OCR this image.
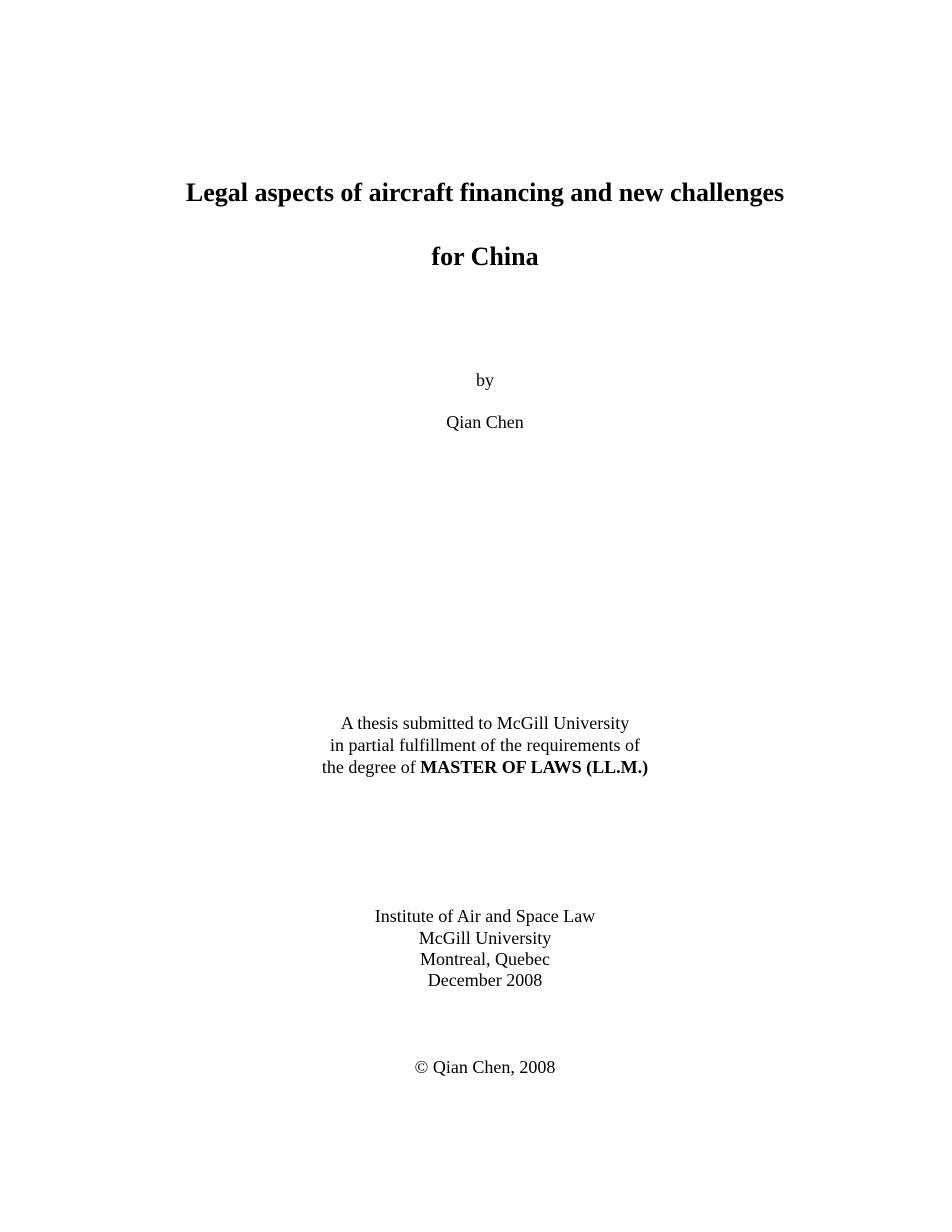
Legal aspects of aircraft financing and new challenges
for China
by
Qian Chen
A thesis submitted to McGill University
in partial fulfillment of the requirements of
the degree of MASTER OF LAWS (LL.M.)
Institute of Air and Space Law
McGill University
Montreal, Quebec
December 2008
© Qian Chen, 2008
